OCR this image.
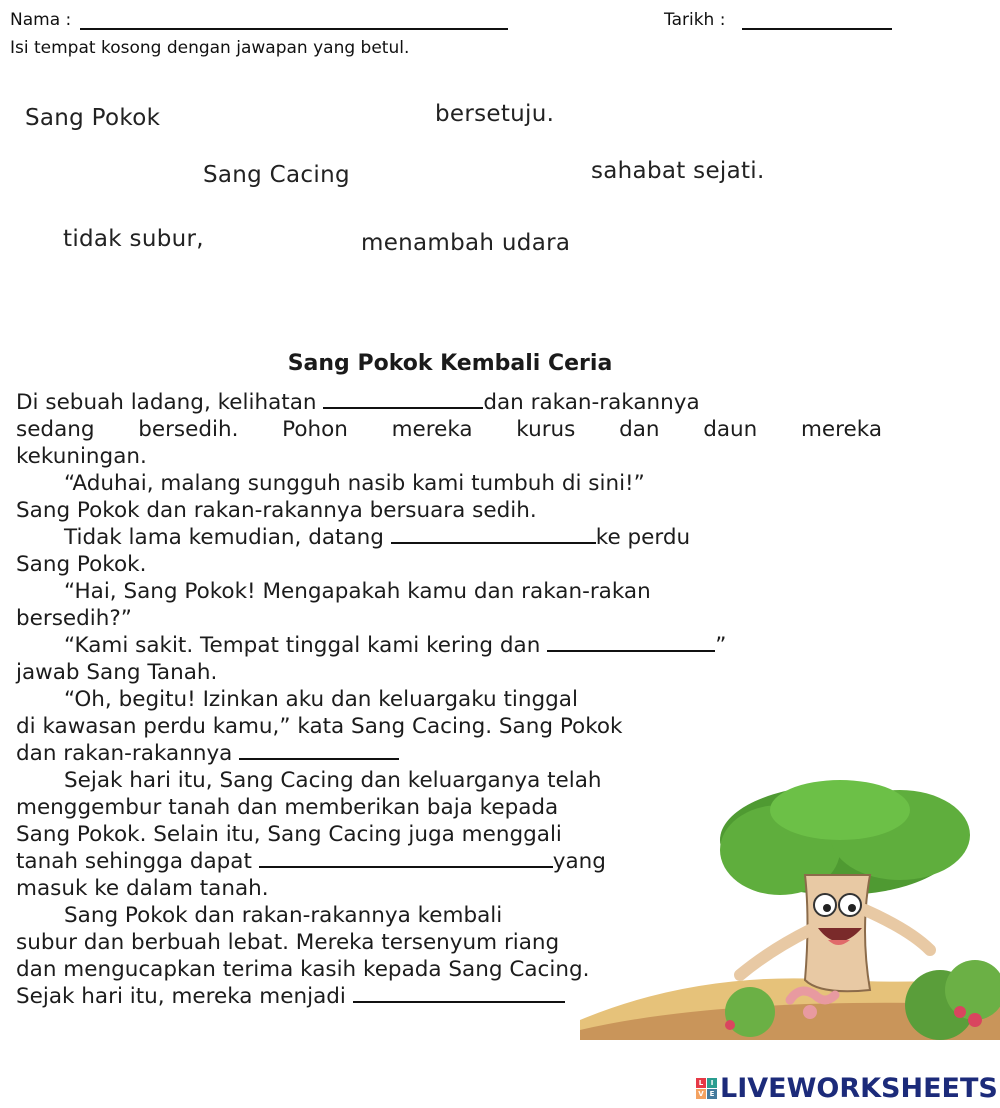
Nama :	Tarikh :
Isi tempat kosong dengan jawapan yang betul.
Sang Pokok	bersetuju.
Sang Cacing	sahabat sejati.
tidak subur,	menambah udara
Sang Pokok Kembali Ceria
Di sebuah ladang, kelihatan	dan rakan-rakannya
sedang bersedih. Pohon mereka kurus dan daun mereka
kekuningan.
“Aduhai, malang sungguh nasib kami tumbuh di sini!”
Sang Pokok dan rakan-rakannya bersuara sedih.
Tidak lama kemudian, datang	ke perdu
Sang Pokok.
“Hai, Sang Pokok! Mengapakah kamu dan rakan-rakan
bersedih?”
“Kami sakit. Tempat tinggal kami kering dan	”
jawab Sang Tanah.
“Oh, begitu! Izinkan aku dan keluargaku tinggal
di kawasan perdu kamu,” kata Sang Cacing. Sang Pokok
dan rakan-rakannya
Sejak hari itu, Sang Cacing dan keluarganya telah
menggembur tanah dan memberikan baja kepada
Sang Pokok. Selain itu, Sang Cacing juga menggali
tanah sehingga dapat	yang
masuk ke dalam tanah.
Sang Pokok dan rakan-rakannya kembali
subur dan berbuah lebat. Mereka tersenyum riang
dan mengucapkan terima kasih kepada Sang Cacing.
Sejak hari itu, mereka menjadi
L	I
V E LIVEWORKSHEETS
